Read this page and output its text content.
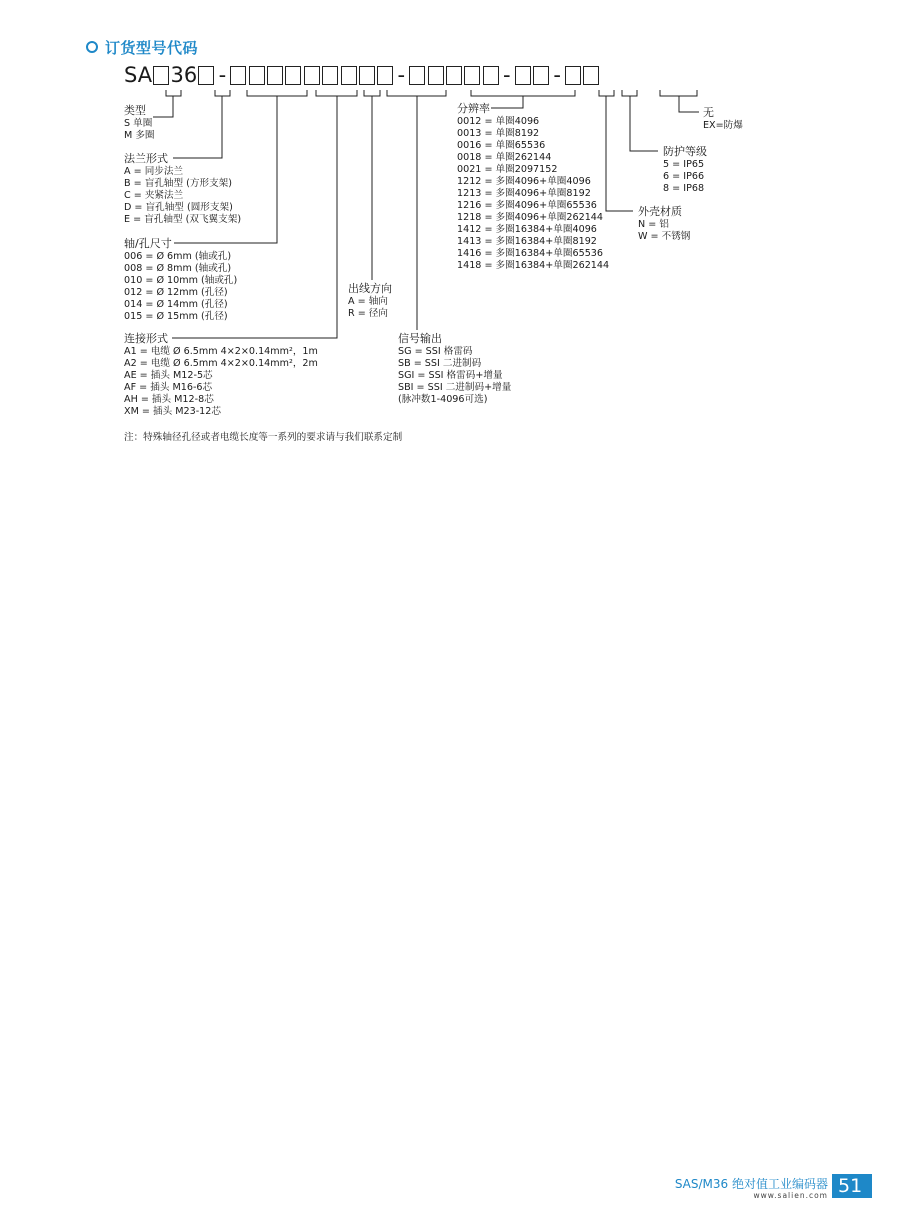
订货型号代码
SA 36 -	-	- -
类型
S 单圈
M 多圈
法兰形式
A = 同步法兰
B = 盲孔轴型 (方形支架)
C = 夹紧法兰
D = 盲孔轴型 (圆形支架)
E = 盲孔轴型 (双飞翼支架)
轴/孔尺寸
006 = Ø 6mm (轴或孔)
008 = Ø 8mm (轴或孔)
010 = Ø 10mm (轴或孔)
012 = Ø 12mm (孔径)
014 = Ø 14mm (孔径)
015 = Ø 15mm (孔径)
连接形式
A1 = 电缆 Ø 6.5mm 4×2×0.14mm²，1m
A2 = 电缆 Ø 6.5mm 4×2×0.14mm²，2m
AE = 插头 M12-5芯
AF = 插头 M16-6芯
AH = 插头 M12-8芯
XM = 插头 M23-12芯
出线方向
A = 轴向
R = 径向
信号输出
SG = SSI 格雷码
SB = SSI 二进制码
SGI = SSI 格雷码+增量
SBI = SSI 二进制码+增量
(脉冲数1-4096可选)
分辨率
0012 = 单圈4096
0013 = 单圈8192
0016 = 单圈65536
0018 = 单圈262144
0021 = 单圈2097152
1212 = 多圈4096+单圈4096
1213 = 多圈4096+单圈8192
1216 = 多圈4096+单圈65536
1218 = 多圈4096+单圈262144
1412 = 多圈16384+单圈4096
1413 = 多圈16384+单圈8192
1416 = 多圈16384+单圈65536
1418 = 多圈16384+单圈262144
外壳材质
N = 铝
W = 不锈钢
防护等级
5 = IP65
6 = IP66
8 = IP68
无
EX=防爆
注：特殊轴径孔径或者电缆长度等一系列的要求请与我们联系定制
SAS/M36 绝对值工业编码器
www.salien.com 51
